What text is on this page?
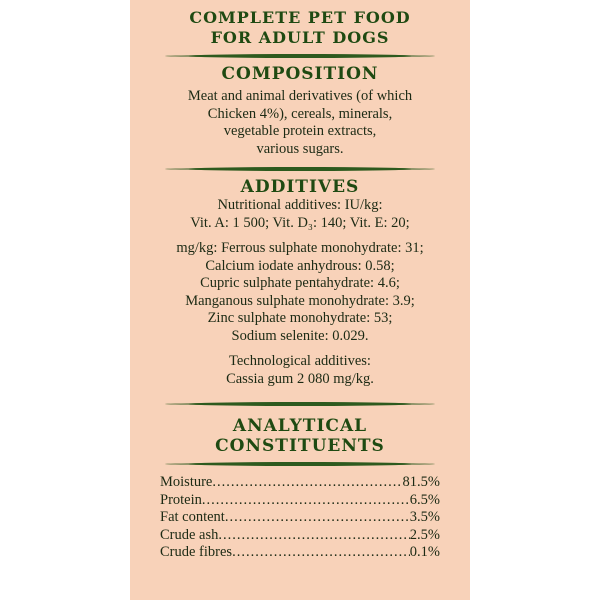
COMPLETE PET FOOD
FOR ADULT DOGS
COMPOSITION

Meat and animal derivatives (of which

Chicken 4%), cereals, minerals,

vegetable protein extracts,

various sugars.

ADDITIVES

Nutritional additives: IU/kg:

Vit. A: 1 500; Vit. D₃: 140; Vit. E: 20;

mg/kg: Ferrous sulphate monohydrate: 31;

Calcium iodate anhydrous: 0.58;

Cupric sulphate pentahydrate: 4.6;

Manganous sulphate monohydrate: 3.9;

Zinc sulphate monohydrate: 53;

Sodium selenite: 0.029.

Technological additives:

Cassia gum 2 080 mg/kg.

ANALYTICAL
CONSTITUENTS
Moisture .....	81.5%
Protein .....	6.5%
Fat content .....	3.5%
Crude ash .....	2.5%
Crude fibres .....	0.1%
